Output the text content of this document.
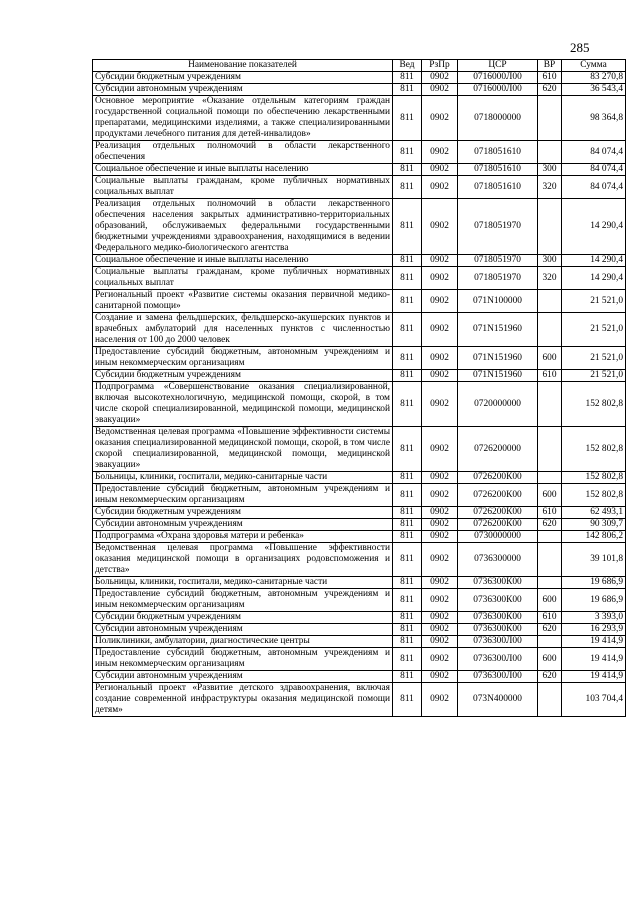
285
Наименование показателей	Вед	РзПр	ЦСР	ВР	Сумма
Субсидии бюджетным учреждениям	811	0902	0716000Л00	610	83 270,8
Субсидии автономным учреждениям	811	0902	0716000Л00	620	36 543,4
Основное мероприятие «Оказание отдельным категориям граждан государственной социальной помощи по обеспечению лекарственными препаратами, медицинскими изделиями, а также специализированными продуктами лечебного питания для детей-инвалидов»	811	0902	0718000000		98 364,8
Реализация отдельных полномочий в области лекарственного обеспечения	811	0902	0718051610		84 074,4
Социальное обеспечение и иные выплаты населению	811	0902	0718051610	300	84 074,4
Социальные выплаты гражданам, кроме публичных нормативных социальных выплат	811	0902	0718051610	320	84 074,4
Реализация отдельных полномочий в области лекарственного обеспечения населения закрытых административно-территориальных образований, обслуживаемых федеральными государственными бюджетными учреждениями здравоохранения, находящимися в ведении Федерального медико-биологического агентства	811	0902	0718051970		14 290,4
Социальное обеспечение и иные выплаты населению	811	0902	0718051970	300	14 290,4
Социальные выплаты гражданам, кроме публичных нормативных социальных выплат	811	0902	0718051970	320	14 290,4
Региональный проект «Развитие системы оказания первичной медико-санитарной помощи»	811	0902	071N100000		21 521,0
Создание и замена фельдшерских, фельдшерско-акушерских пунктов и врачебных амбулаторий для населенных пунктов с численностью населения от 100 до 2000 человек	811	0902	071N151960		21 521,0
Предоставление субсидий бюджетным, автономным учреждениям и иным некоммерческим организациям	811	0902	071N151960	600	21 521,0
Субсидии бюджетным учреждениям	811	0902	071N151960	610	21 521,0
Подпрограмма «Совершенствование оказания специализированной, включая высокотехнологичную, медицинской помощи, скорой, в том числе скорой специализированной, медицинской помощи, медицинской эвакуации»	811	0902	0720000000		152 802,8
Ведомственная целевая программа «Повышение эффективности системы оказания специализированной медицинской помощи, скорой, в том числе скорой специализированной, медицинской помощи, медицинской эвакуации»	811	0902	0726200000		152 802,8
Больницы, клиники, госпитали, медико-санитарные части	811	0902	0726200К00		152 802,8
Предоставление субсидий бюджетным, автономным учреждениям и иным некоммерческим организациям	811	0902	0726200К00	600	152 802,8
Субсидии бюджетным учреждениям	811	0902	0726200К00	610	62 493,1
Субсидии автономным учреждениям	811	0902	0726200К00	620	90 309,7
Подпрограмма «Охрана здоровья матери и ребенка»	811	0902	0730000000		142 806,2
Ведомственная целевая программа «Повышение эффективности оказания медицинской помощи в организациях родовспоможения и детства»	811	0902	0736300000		39 101,8
Больницы, клиники, госпитали, медико-санитарные части	811	0902	0736300К00		19 686,9
Предоставление субсидий бюджетным, автономным учреждениям и иным некоммерческим организациям	811	0902	0736300К00	600	19 686,9
Субсидии бюджетным учреждениям	811	0902	0736300К00	610	3 393,0
Субсидии автономным учреждениям	811	0902	0736300К00	620	16 293,9
Поликлиники, амбулатории, диагностические центры	811	0902	0736300Л00		19 414,9
Предоставление субсидий бюджетным, автономным учреждениям и иным некоммерческим организациям	811	0902	0736300Л00	600	19 414,9
Субсидии автономным учреждениям	811	0902	0736300Л00	620	19 414,9
Региональный проект «Развитие детского здравоохранения, включая создание современной инфраструктуры оказания медицинской помощи детям»	811	0902	073N400000		103 704,4
